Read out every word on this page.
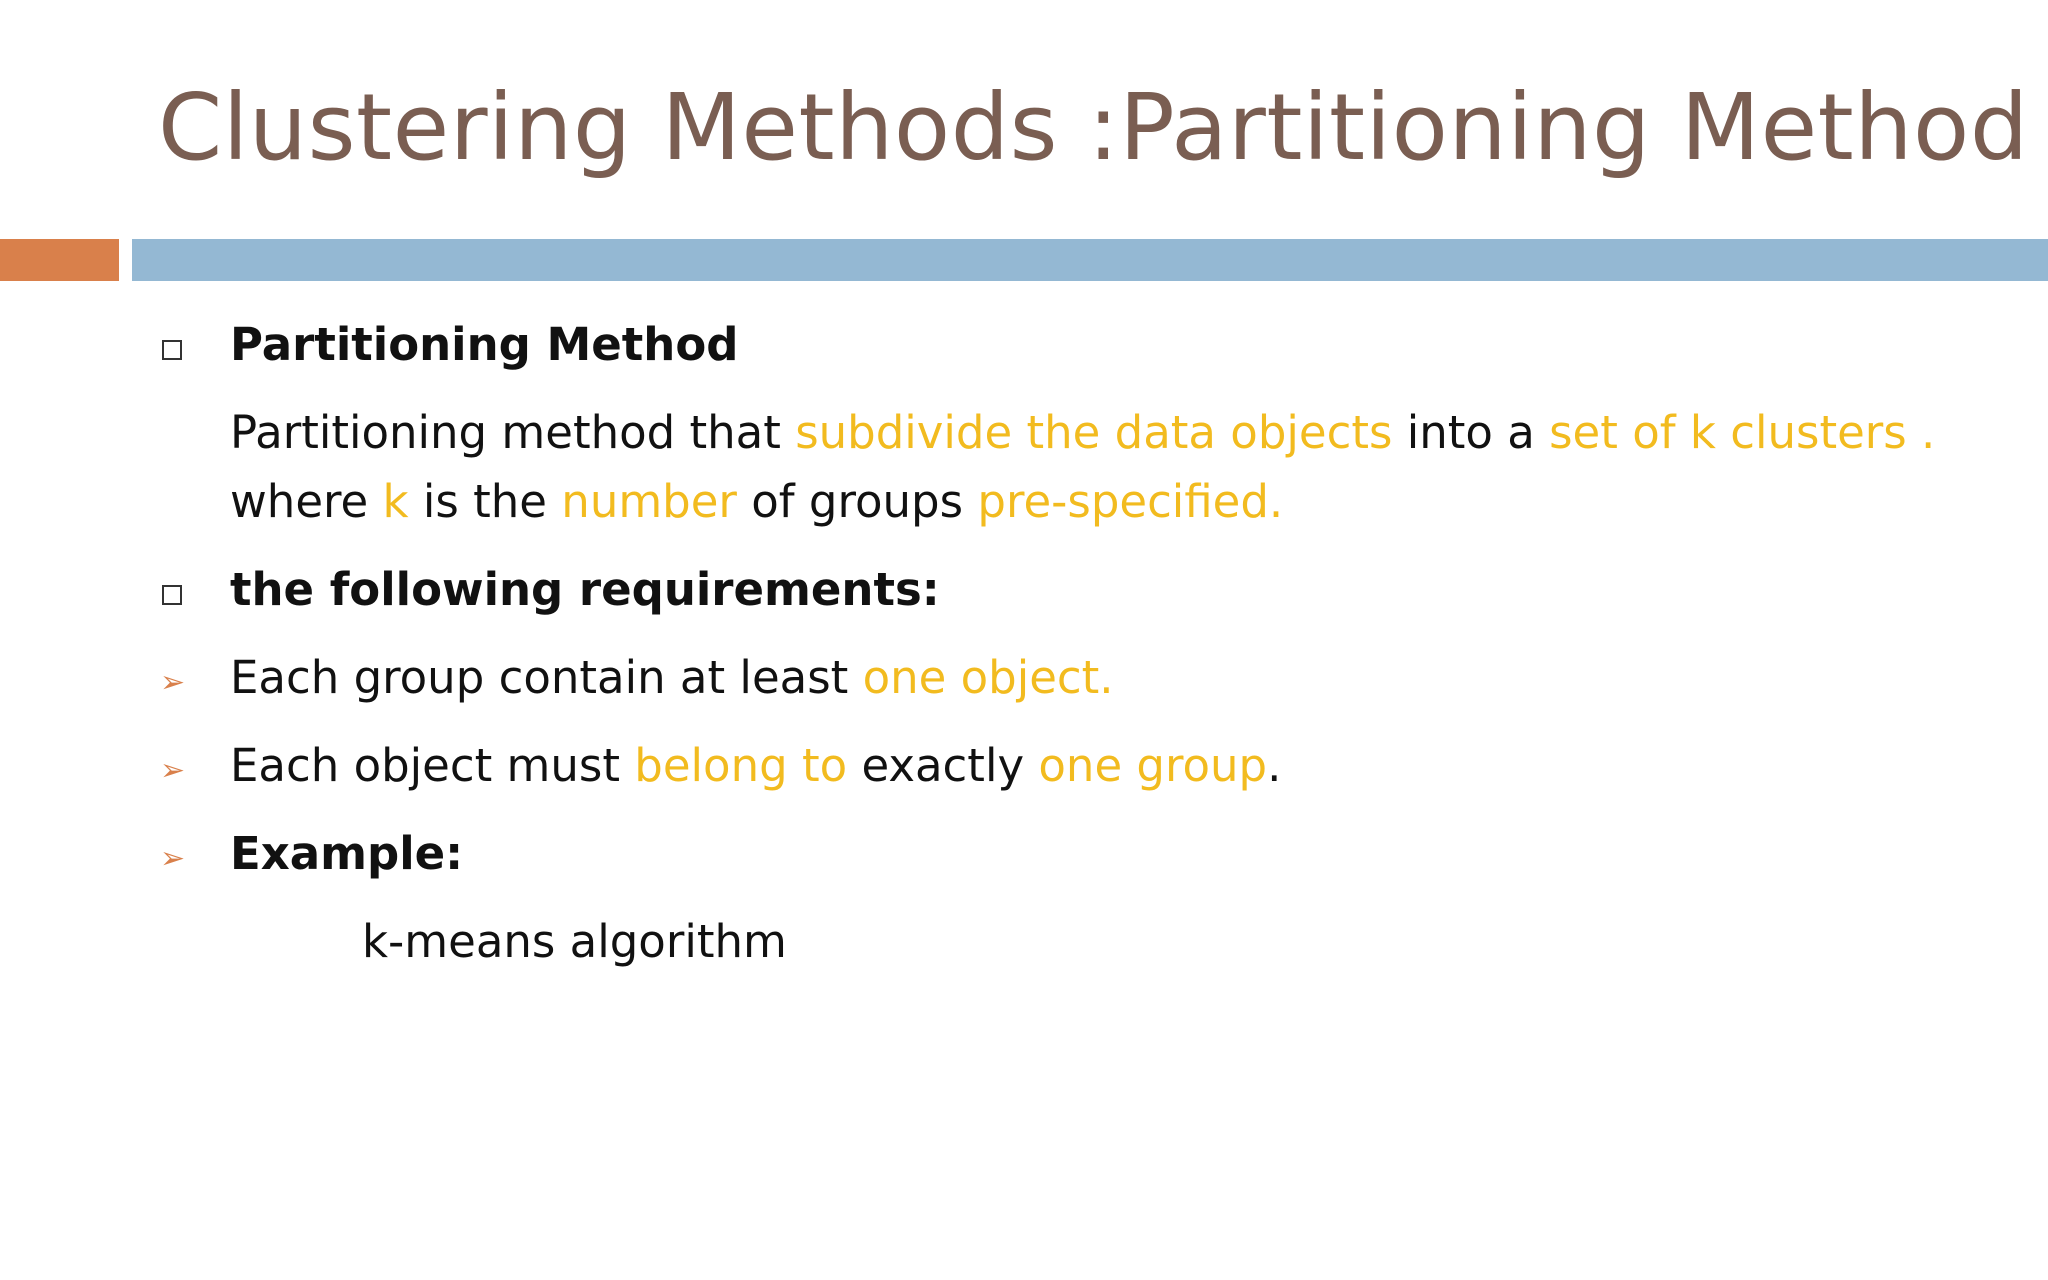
Clustering Methods :Partitioning Method
Partitioning Method
Partitioning method that subdivide the data objects into a set of k clusters .
where k is the number of groups pre-specified.
the following requirements:
➢ Each group contain at least one object.
➢ Each object must belong to exactly one group.
➢ Example:
k-means algorithm
